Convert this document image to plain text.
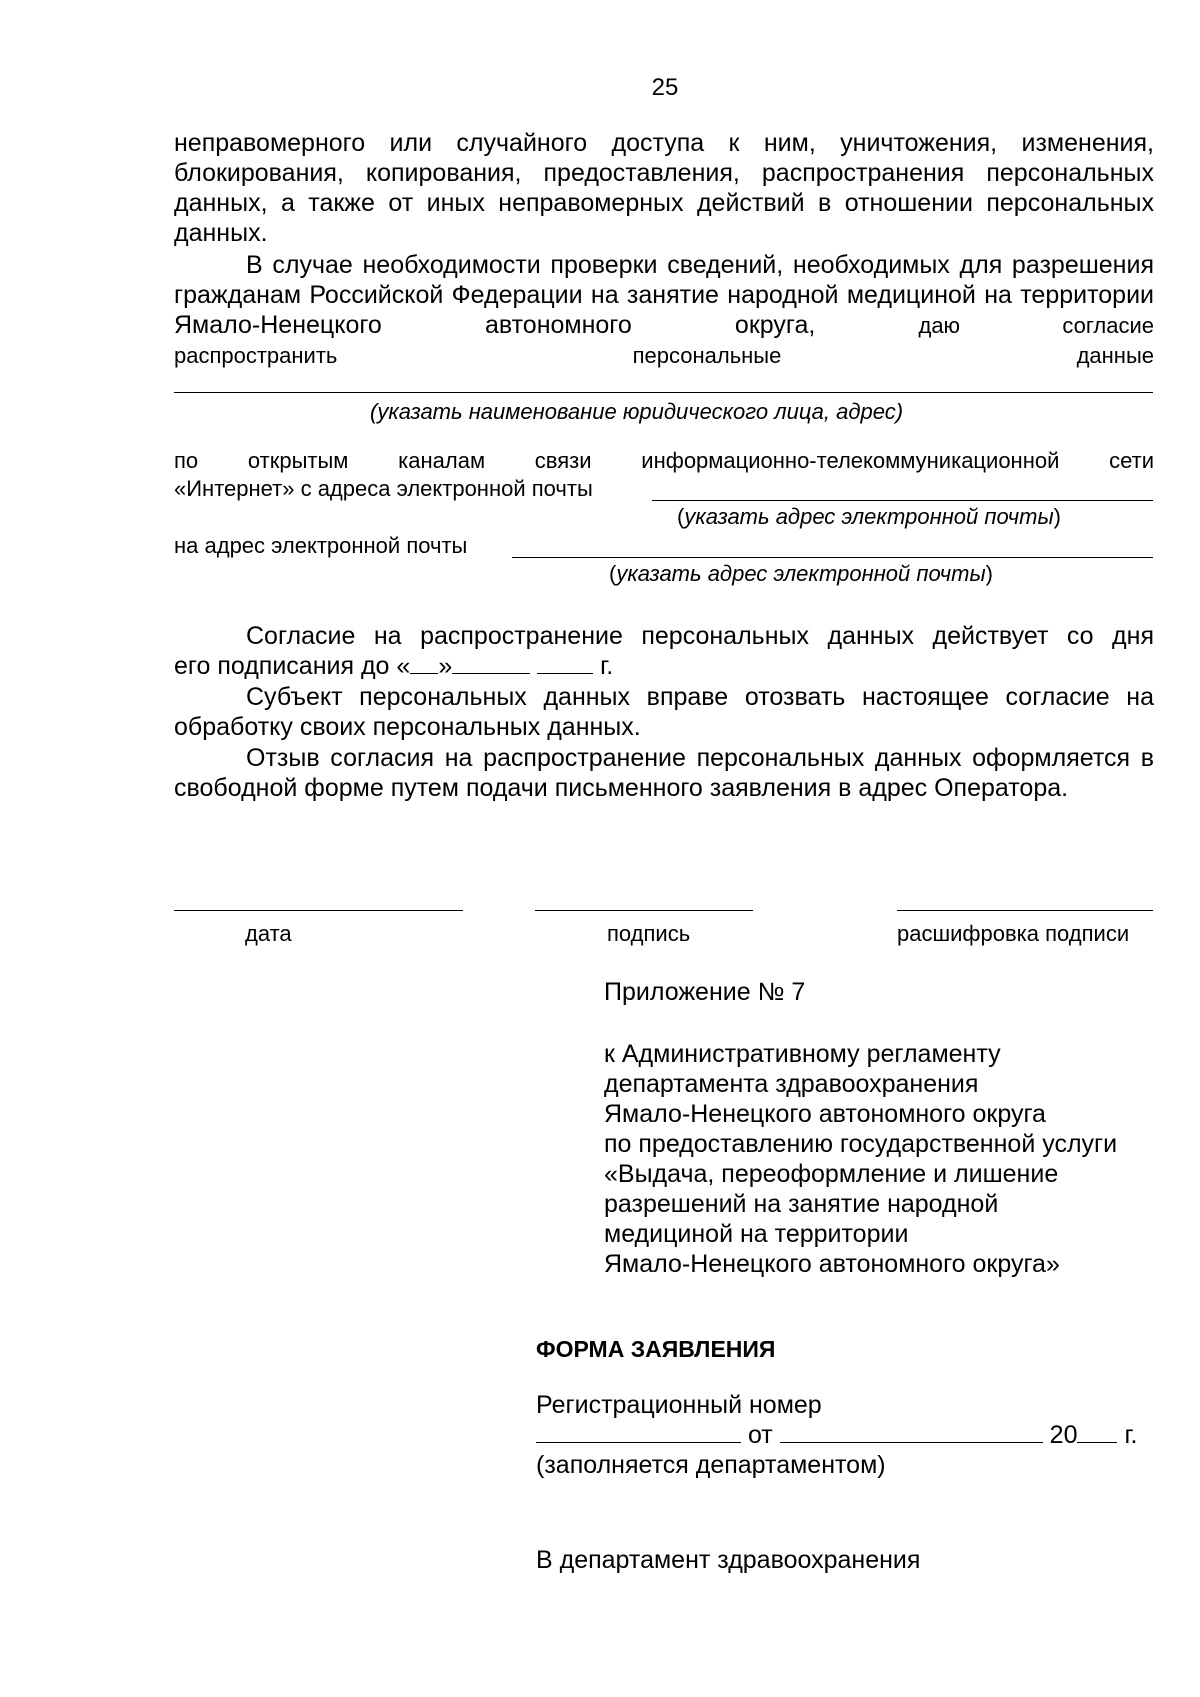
25
неправомерного или случайного доступа к ним, уничтожения, изменения, блокирования, копирования, предоставления, распространения персональных данных, а также от иных неправомерных действий в отношении персональных данных.
В случае необходимости проверки сведений, необходимых для разрешения гражданам Российской Федерации на занятие народной медициной на территории Ямало-Ненецкого автономного округа,	даю согласие
распространить персональные данные
(указать наименование юридического лица, адрес)
по открытым каналам связи информационно-телекоммуникационной сети
«Интернет» с адреса электронной почты
(указать адрес электронной почты)
на адрес электронной почты
(указать адрес электронной почты)
Согласие на распространение персональных данных действует со дня
его подписания до « »	г.
Субъект персональных данных вправе отозвать настоящее согласие на обработку своих персональных данных.
Отзыв согласия на распространение персональных данных оформляется в свободной форме путем подачи письменного заявления в адрес Оператора.
дата	подпись	расшифровка подписи
Приложение № 7
к Административному регламенту
департамента здравоохранения
Ямало-Ненецкого автономного округа
по предоставлению государственной услуги
«Выдача, переоформление и лишение
разрешений на занятие народной
медициной на территории
Ямало-Ненецкого автономного округа»
ФОРМА ЗАЯВЛЕНИЯ
Регистрационный номер
от	20 г.
(заполняется департаментом)
В департамент здравоохранения
